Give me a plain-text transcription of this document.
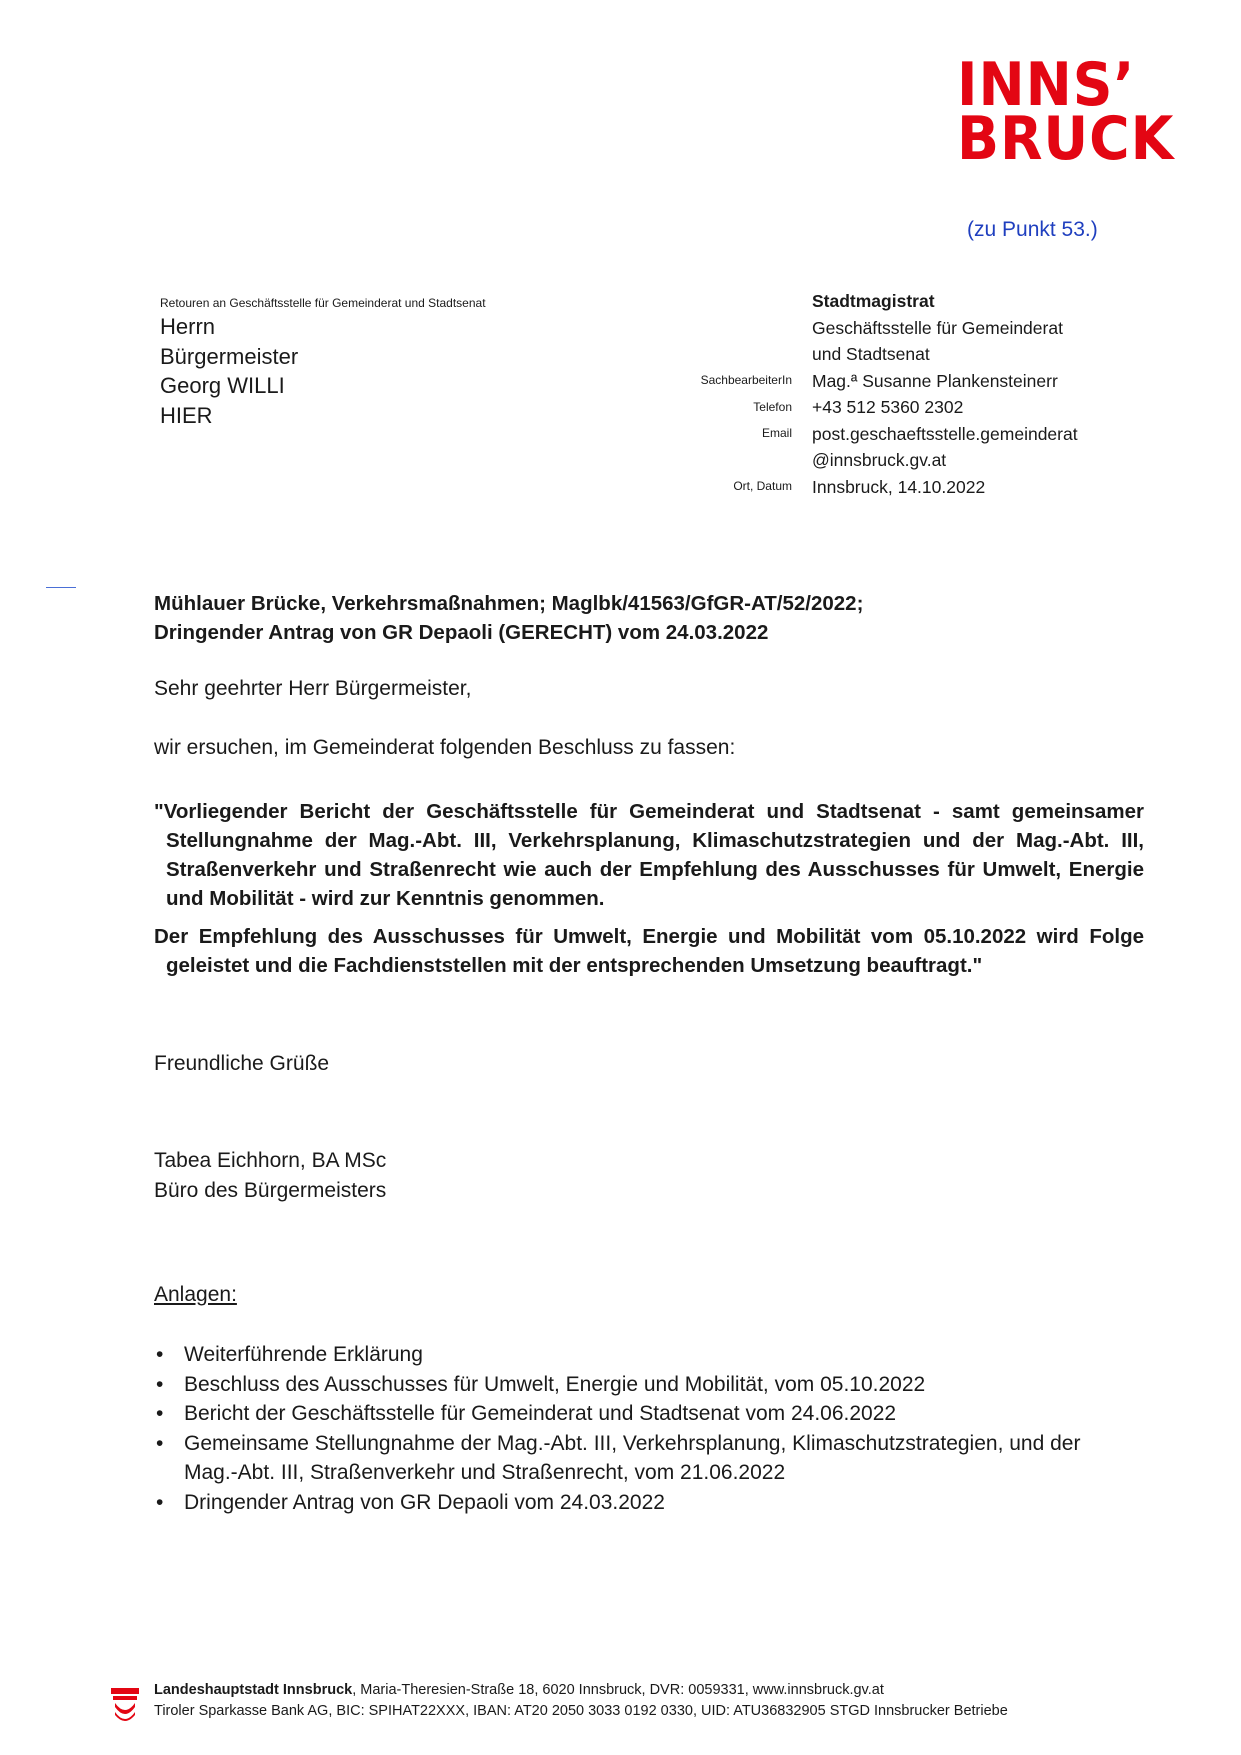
INNS’
BRUCK
(zu Punkt 53.)
Retouren an Geschäftsstelle für Gemeinderat und Stadtsenat
Herrn
Bürgermeister
Georg WILLI
HIER
Stadtmagistrat
Geschäftsstelle für Gemeinderat
und Stadtsenat
Mag.ª Susanne Plankensteinerr
+43 512 5360 2302
post.geschaeftsstelle.gemeinderat
@innsbruck.gv.at
Innsbruck, 14.10.2022
SachbearbeiterIn
Telefon
Email
Ort, Datum
Mühlauer Brücke, Verkehrsmaßnahmen; Maglbk/41563/GfGR-AT/52/2022;
Dringender Antrag von GR Depaoli (GERECHT) vom 24.03.2022
Sehr geehrter Herr Bürgermeister,
wir ersuchen, im Gemeinderat folgenden Beschluss zu fassen:

"Vorliegender Bericht der Geschäftsstelle für Gemeinderat und Stadtsenat - samt gemeinsamer Stellungnahme der Mag.-Abt. III, Verkehrsplanung, Klimaschutzstrategien und der Mag.-Abt. III, Straßenverkehr und Straßenrecht wie auch der Empfehlung des Ausschusses für Umwelt, Energie und Mobilität - wird zur Kenntnis genommen.

Der Empfehlung des Ausschusses für Umwelt, Energie und Mobilität vom 05.10.2022 wird Folge geleistet und die Fachdienststellen mit der entsprechenden Umsetzung beauftragt."

Freundliche Grüße
Tabea Eichhorn, BA MSc
Büro des Bürgermeisters
Anlagen:
• Weiterführende Erklärung
• Beschluss des Ausschusses für Umwelt, Energie und Mobilität, vom 05.10.2022
• Bericht der Geschäftsstelle für Gemeinderat und Stadtsenat vom 24.06.2022
• Gemeinsame Stellungnahme der Mag.-Abt. III, Verkehrsplanung, Klimaschutzstrategien, und der Mag.-Abt. III, Straßenverkehr und Straßenrecht, vom 21.06.2022
• Dringender Antrag von GR Depaoli vom 24.03.2022
Landeshauptstadt Innsbruck, Maria-Theresien-Straße 18, 6020 Innsbruck, DVR: 0059331, www.innsbruck.gv.at
Tiroler Sparkasse Bank AG, BIC: SPIHAT22XXX, IBAN: AT20 2050 3033 0192 0330, UID: ATU36832905 STGD Innsbrucker Betriebe
